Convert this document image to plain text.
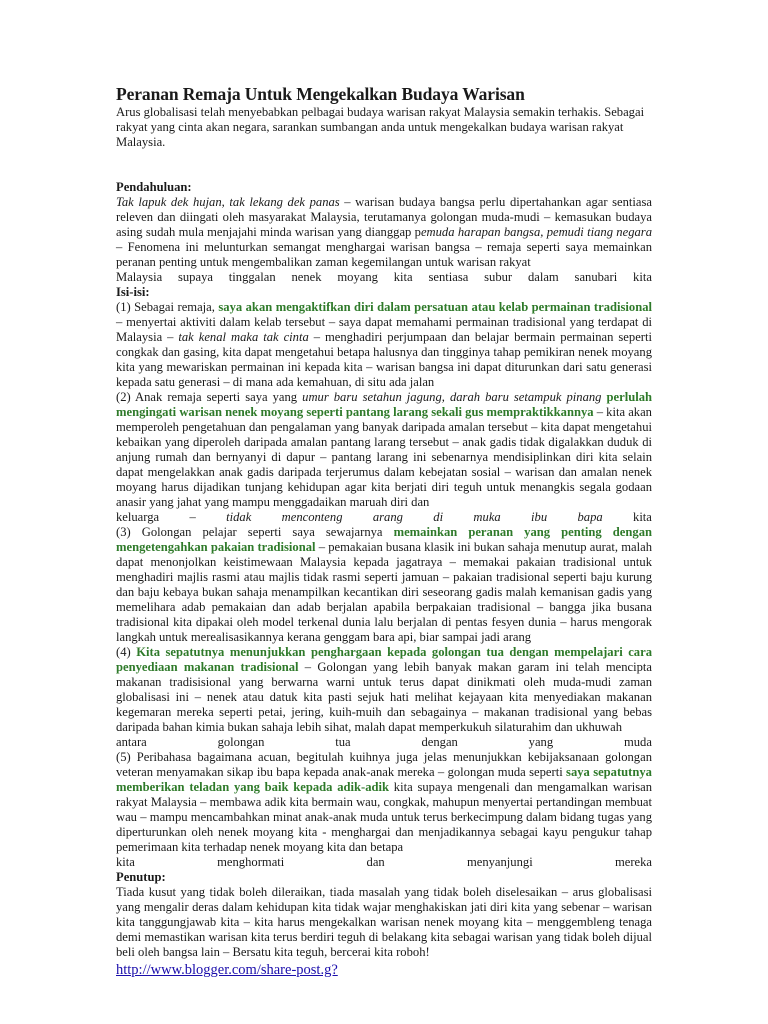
Peranan Remaja Untuk Mengekalkan Budaya Warisan

Arus globalisasi telah menyebabkan pelbagai budaya warisan rakyat Malaysia semakin terhakis. Sebagai rakyat yang cinta akan negara, sarankan sumbangan anda untuk mengekalkan budaya warisan rakyat Malaysia.

Pendahuluan:

Tak lapuk dek hujan, tak lekang dek panas – warisan budaya bangsa perlu dipertahankan agar sentiasa releven dan diingati oleh masyarakat Malaysia, terutamanya golongan muda-mudi – kemasukan budaya asing sudah mula menjajahi minda warisan yang dianggap pemuda harapan bangsa, pemudi tiang negara – Fenomena ini melunturkan semangat menghargai warisan bangsa – remaja seperti saya memainkan peranan penting untuk mengembalikan zaman kegemilangan untuk warisan rakyat

Malaysia supaya tinggalan nenek moyang kita sentiasa subur dalam sanubari kita

Isi-isi:

(1) Sebagai remaja, saya akan mengaktifkan diri dalam persatuan atau kelab permainan tradisional – menyertai aktiviti dalam kelab tersebut – saya dapat memahami permainan tradisional yang terdapat di Malaysia – tak kenal maka tak cinta – menghadiri perjumpaan dan belajar bermain permainan seperti congkak dan gasing, kita dapat mengetahui betapa halusnya dan tingginya tahap pemikiran nenek moyang kita yang mewariskan permainan ini kepada kita – warisan bangsa ini dapat diturunkan dari satu generasi kepada satu generasi – di mana ada kemahuan, di situ ada jalan

(2) Anak remaja seperti saya yang umur baru setahun jagung, darah baru setampuk pinang perlulah mengingati warisan nenek moyang seperti pantang larang sekali gus mempraktikkannya – kita akan memperoleh pengetahuan dan pengalaman yang banyak daripada amalan tersebut – kita dapat mengetahui kebaikan yang diperoleh daripada amalan pantang larang tersebut – anak gadis tidak digalakkan duduk di anjung rumah dan bernyanyi di dapur – pantang larang ini sebenarnya mendisiplinkan diri kita selain dapat mengelakkan anak gadis daripada terjerumus dalam kebejatan sosial – warisan dan amalan nenek moyang harus dijadikan tunjang kehidupan agar kita berjati diri teguh untuk menangkis segala godaan anasir yang jahat yang mampu menggadaikan maruah diri dan

keluarga – tidak menconteng arang di muka ibu bapa kita

(3) Golongan pelajar seperti saya sewajarnya memainkan peranan yang penting dengan mengetengahkan pakaian tradisional – pemakaian busana klasik ini bukan sahaja menutup aurat, malah dapat menonjolkan keistimewaan Malaysia kepada jagatraya – memakai pakaian tradisional untuk menghadiri majlis rasmi atau majlis tidak rasmi seperti jamuan – pakaian tradisional seperti baju kurung dan baju kebaya bukan sahaja menampilkan kecantikan diri seseorang gadis malah kemanisan gadis yang memelihara adab pemakaian dan adab berjalan apabila berpakaian tradisional – bangga jika busana tradisional kita dipakai oleh model terkenal dunia lalu berjalan di pentas fesyen dunia – harus mengorak langkah untuk merealisasikannya kerana genggam bara api, biar sampai jadi arang

(4) Kita sepatutnya menunjukkan penghargaan kepada golongan tua dengan mempelajari cara penyediaan makanan tradisional – Golongan yang lebih banyak makan garam ini telah mencipta makanan tradisisional yang berwarna warni untuk terus dapat dinikmati oleh muda-mudi zaman globalisasi ini – nenek atau datuk kita pasti sejuk hati melihat kejayaan kita menyediakan makanan kegemaran mereka seperti petai, jering, kuih-muih dan sebagainya – makanan tradisional yang bebas daripada bahan kimia bukan sahaja lebih sihat, malah dapat memperkukuh silaturahim dan ukhuwah

antara	golongan	tua	dengan	yang	muda

(5) Peribahasa bagaimana acuan, begitulah kuihnya juga jelas menunjukkan kebijaksanaan golongan veteran menyamakan sikap ibu bapa kepada anak-anak mereka – golongan muda seperti saya sepatutnya memberikan teladan yang baik kepada adik-adik kita supaya mengenali dan mengamalkan warisan rakyat Malaysia – membawa adik kita bermain wau, congkak, mahupun menyertai pertandingan membuat wau – mampu mencambahkan minat anak-anak muda untuk terus berkecimpung dalam bidang tugas yang diperturunkan oleh nenek moyang kita - menghargai dan menjadikannya sebagai kayu pengukur tahap pemerimaan kita terhadap nenek moyang kita dan betapa

kita	menghormati	dan	menyanjungi	mereka

Penutup:

Tiada kusut yang tidak boleh dileraikan, tiada masalah yang tidak boleh diselesaikan – arus globalisasi yang mengalir deras dalam kehidupan kita tidak wajar menghakiskan jati diri kita yang sebenar – warisan kita tanggungjawab kita – kita harus mengekalkan warisan nenek moyang kita – menggembleng tenaga demi memastikan warisan kita terus berdiri teguh di belakang kita sebagai warisan yang tidak boleh dijual beli oleh bangsa lain – Bersatu kita teguh, bercerai kita roboh!

http://www.blogger.com/share-post.g?
